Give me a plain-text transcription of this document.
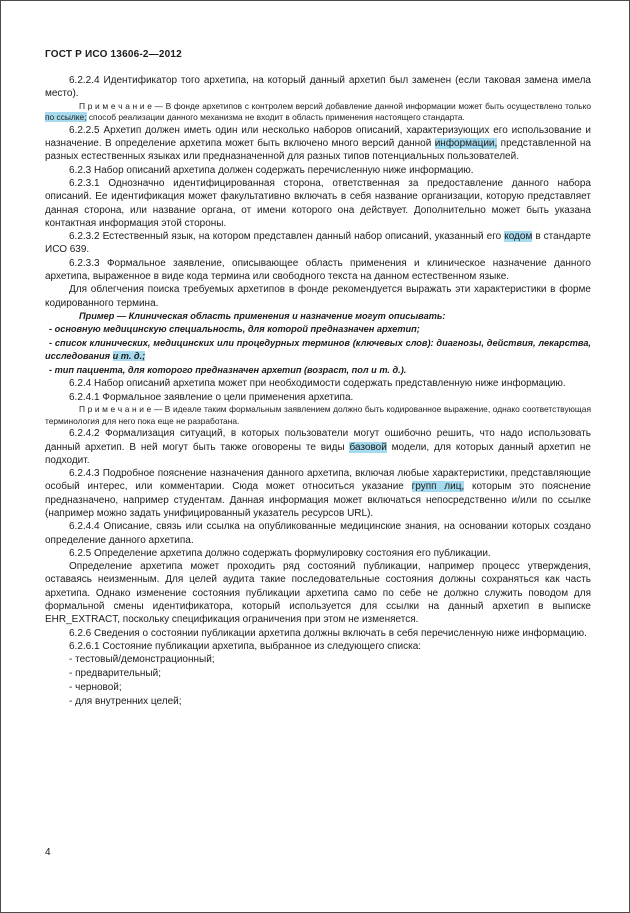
ГОСТ Р ИСО 13606-2—2012

6.2.2.4 Идентификатор того архетипа, на который данный архетип был заменен (если таковая замена имела место).

П р и м е ч а н и е — В фонде архетипов с контролем версий добавление данной информации может быть осуществлено только по ссылке; способ реализации данного механизма не входит в область применения настоящего стандарта.

6.2.2.5 Архетип должен иметь один или несколько наборов описаний, характеризующих его использование и назначение. В определение архетипа может быть включено много версий данной информации, представленной на разных естественных языках или предназначенной для разных типов потенциальных пользователей.

6.2.3 Набор описаний архетипа должен содержать перечисленную ниже информацию.

6.2.3.1 Однозначно идентифицированная сторона, ответственная за предоставление данного набора описаний. Ее идентификация может факультативно включать в себя название организации, которую представляет данная сторона, или название органа, от имени которого она действует. Дополнительно может быть указана контактная информация этой стороны.

6.2.3.2 Естественный язык, на котором представлен данный набор описаний, указанный его кодом в стандарте ИСО 639.

6.2.3.3 Формальное заявление, описывающее область применения и клиническое назначение данного архетипа, выраженное в виде кода термина или свободного текста на данном естественном языке.

Для облегчения поиска требуемых архетипов в фонде рекомендуется выражать эти характеристики в форме кодированного термина.

Пример — Клиническая область применения и назначение могут описывать:

- основную медицинскую специальность, для которой предназначен архетип;

- список клинических, медицинских или процедурных терминов (ключевых слов): диагнозы, действия, лекарства, исследования и т. д.;

- тип пациента, для которого предназначен архетип (возраст, пол и т. д.).

6.2.4 Набор описаний архетипа может при необходимости содержать представленную ниже информацию.

6.2.4.1 Формальное заявление о цели применения архетипа.

П р и м е ч а н и е — В идеале таким формальным заявлением должно быть кодированное выражение, однако соответствующая терминология для него пока еще не разработана.

6.2.4.2 Формализация ситуаций, в которых пользователи могут ошибочно решить, что надо использовать данный архетип. В ней могут быть также оговорены те виды базовой модели, для которых данный архетип не подходит.

6.2.4.3 Подробное пояснение назначения данного архетипа, включая любые характеристики, представляющие особый интерес, или комментарии. Сюда может относиться указание групп лиц, которым это пояснение предназначено, например студентам. Данная информация может включаться непосредственно и/или по ссылке (например можно задать унифицированный указатель ресурсов URL).

6.2.4.4 Описание, связь или ссылка на опубликованные медицинские знания, на основании которых создано определение данного архетипа.

6.2.5 Определение архетипа должно содержать формулировку состояния его публикации.

Определение архетипа может проходить ряд состояний публикации, например процесс утверждения, оставаясь неизменным. Для целей аудита такие последовательные состояния должны сохраняться как часть архетипа. Однако изменение состояния публикации архетипа само по себе не должно служить поводом для формальной смены идентификатора, который используется для ссылки на данный архетип в выписке EHR_EXTRACT, поскольку спецификация ограничения при этом не изменяется.

6.2.6 Сведения о состоянии публикации архетипа должны включать в себя перечисленную ниже информацию.

6.2.6.1 Состояние публикации архетипа, выбранное из следующего списка:

- тестовый/демонстрационный;

- предварительный;

- черновой;

- для внутренних целей;

4
